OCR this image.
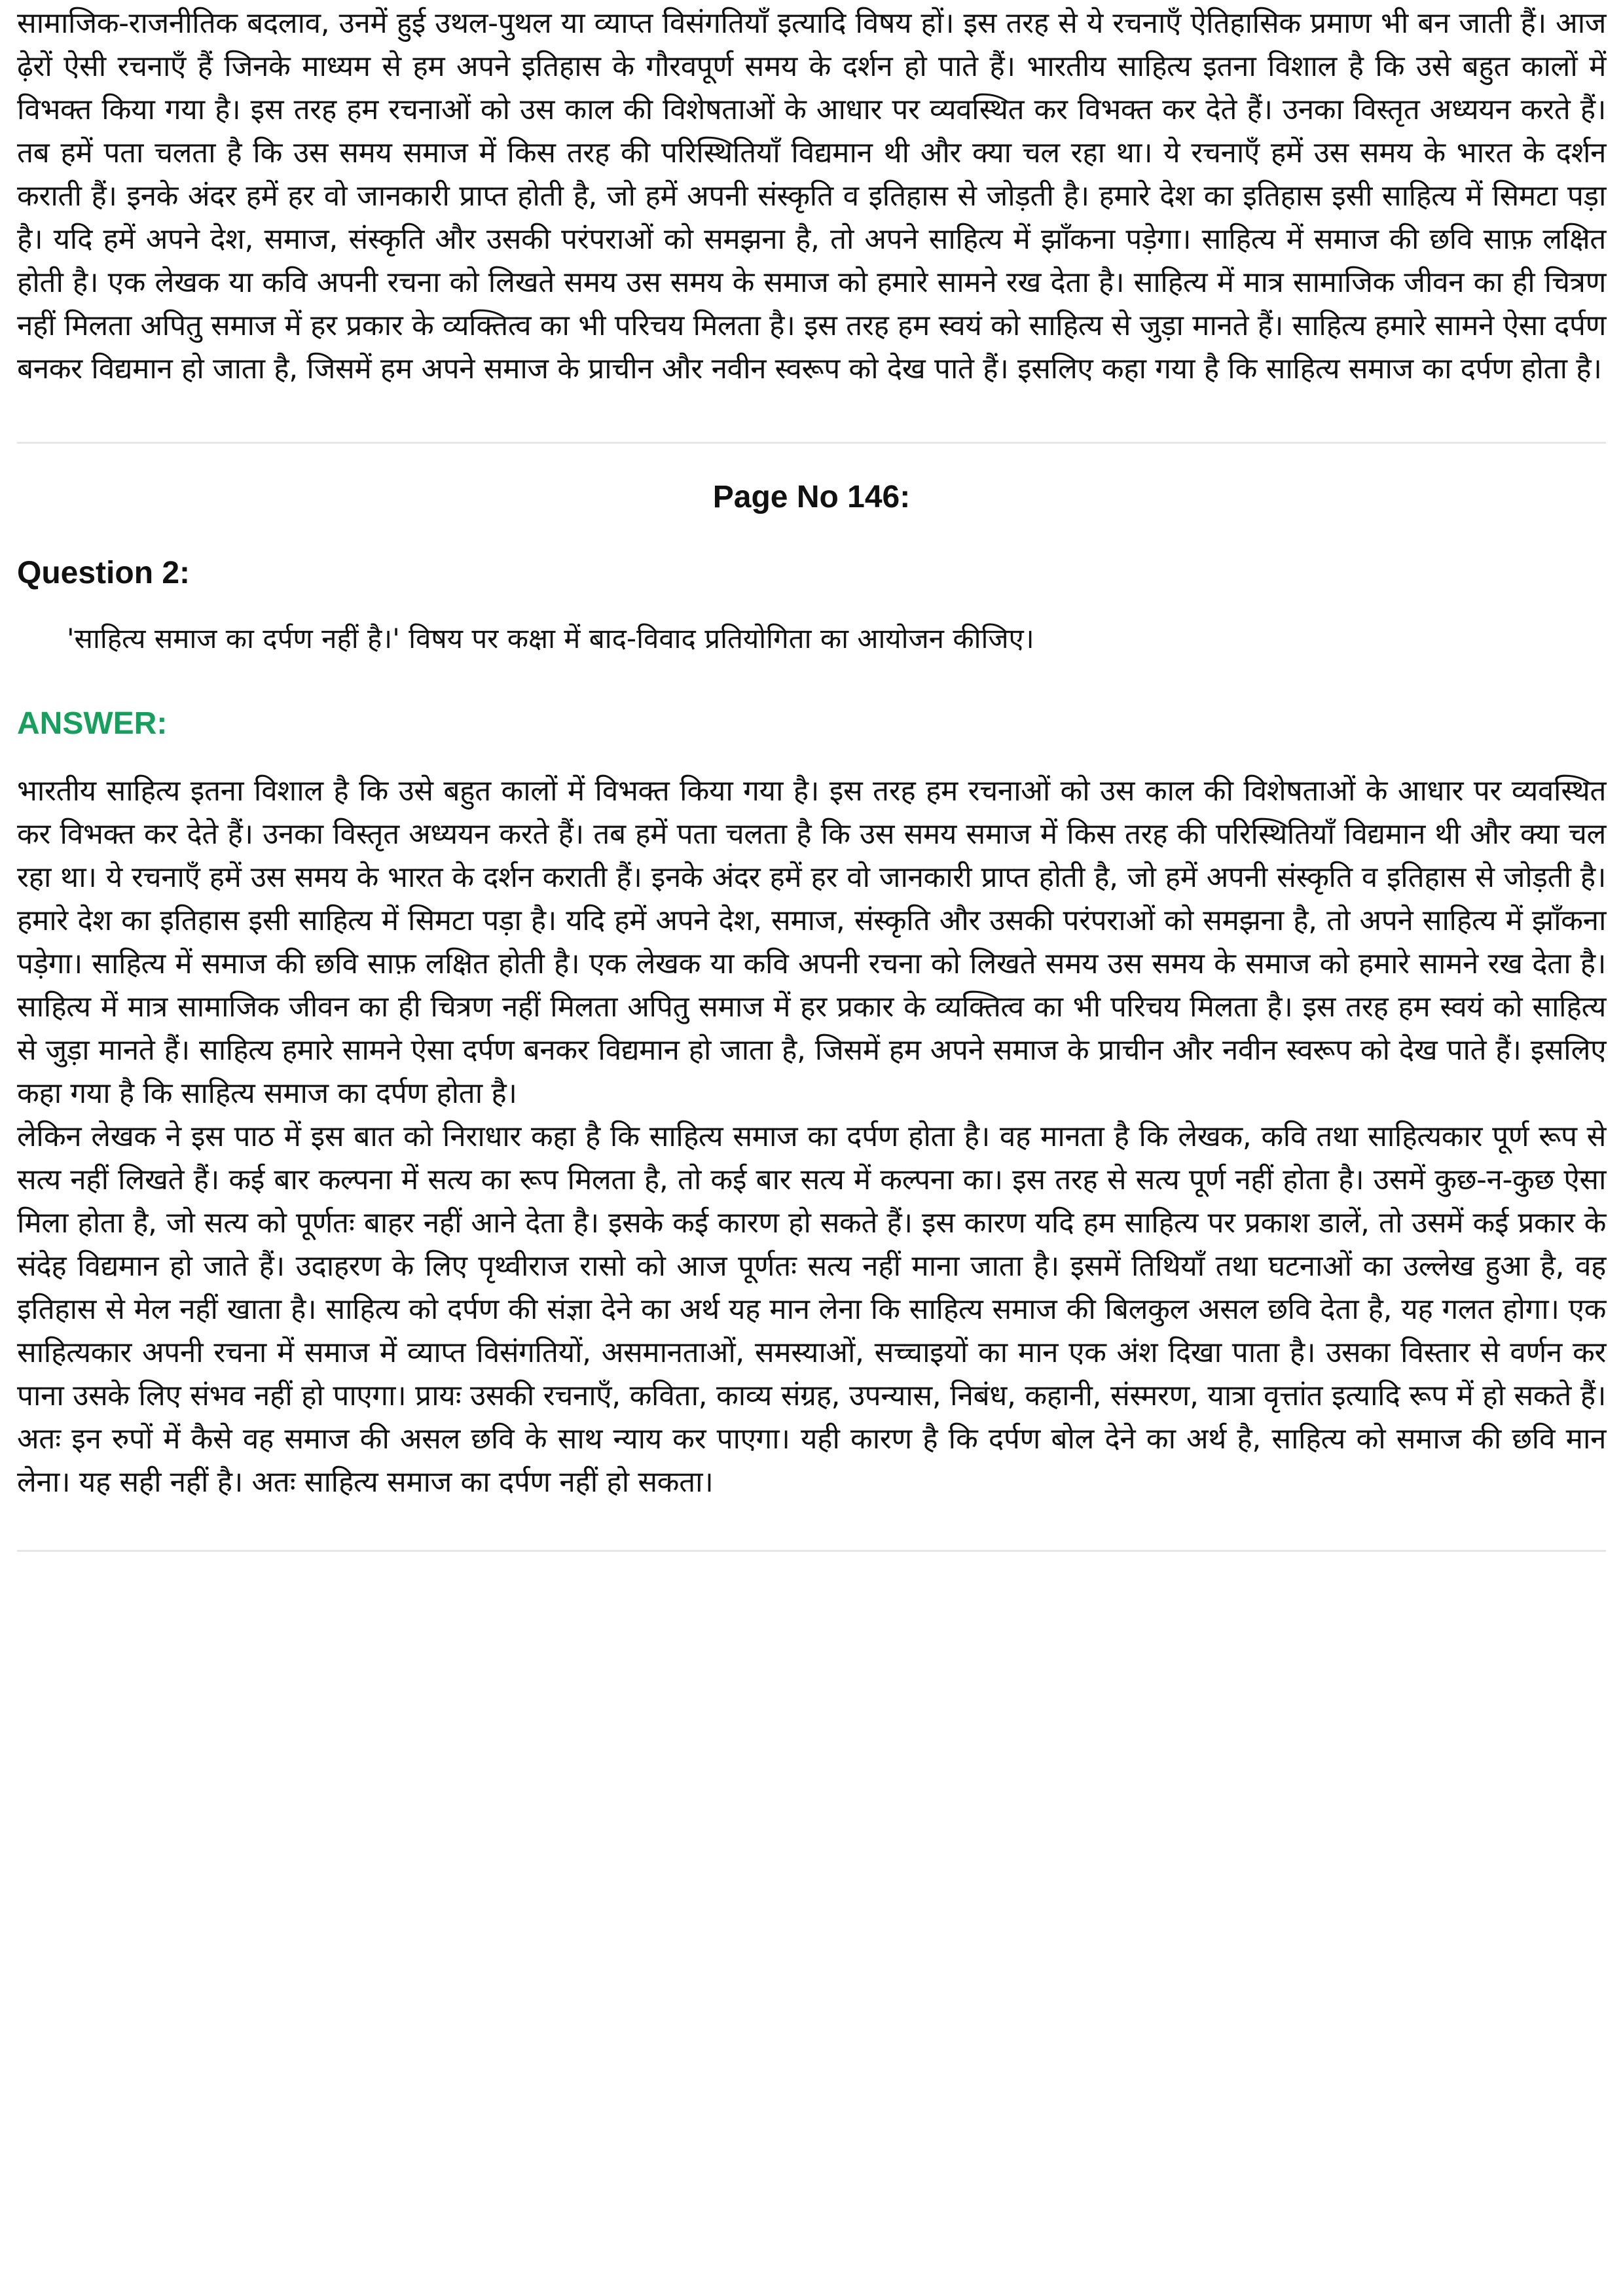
सामाजिक-राजनीतिक बदलाव, उनमें हुई उथल-पुथल या व्याप्त विसंगतियाँ इत्यादि विषय हों। इस तरह से ये रचनाएँ ऐतिहासिक प्रमाण भी बन जाती हैं। आज ढ़ेरों ऐसी रचनाएँ हैं जिनके माध्यम से हम अपने इतिहास के गौरवपूर्ण समय के दर्शन हो पाते हैं। भारतीय साहित्य इतना विशाल है कि उसे बहुत कालों में विभक्त किया गया है। इस तरह हम रचनाओं को उस काल की विशेषताओं के आधार पर व्यवस्थित कर विभक्त कर देते हैं। उनका विस्तृत अध्ययन करते हैं। तब हमें पता चलता है कि उस समय समाज में किस तरह की परिस्थितियाँ विद्यमान थी और क्या चल रहा था। ये रचनाएँ हमें उस समय के भारत के दर्शन कराती हैं। इनके अंदर हमें हर वो जानकारी प्राप्त होती है, जो हमें अपनी संस्कृति व इतिहास से जोड़ती है। हमारे देश का इतिहास इसी साहित्य में सिमटा पड़ा है। यदि हमें अपने देश, समाज, संस्कृति और उसकी परंपराओं को समझना है, तो अपने साहित्य में झाँकना पड़ेगा। साहित्य में समाज की छवि साफ़ लक्षित होती है। एक लेखक या कवि अपनी रचना को लिखते समय उस समय के समाज को हमारे सामने रख देता है। साहित्य में मात्र सामाजिक जीवन का ही चित्रण नहीं मिलता अपितु समाज में हर प्रकार के व्यक्तित्व का भी परिचय मिलता है। इस तरह हम स्वयं को साहित्य से जुड़ा मानते हैं। साहित्य हमारे सामने ऐसा दर्पण बनकर विद्यमान हो जाता है, जिसमें हम अपने समाज के प्राचीन और नवीन स्वरूप को देख पाते हैं। इसलिए कहा गया है कि साहित्य समाज का दर्पण होता है।

Page No 146:
Question 2:
'साहित्य समाज का दर्पण नहीं है।' विषय पर कक्षा में बाद-विवाद प्रतियोगिता का आयोजन कीजिए।
ANSWER:

भारतीय साहित्य इतना विशाल है कि उसे बहुत कालों में विभक्त किया गया है। इस तरह हम रचनाओं को उस काल की विशेषताओं के आधार पर व्यवस्थित कर विभक्त कर देते हैं। उनका विस्तृत अध्ययन करते हैं। तब हमें पता चलता है कि उस समय समाज में किस तरह की परिस्थितियाँ विद्यमान थी और क्या चल रहा था। ये रचनाएँ हमें उस समय के भारत के दर्शन कराती हैं। इनके अंदर हमें हर वो जानकारी प्राप्त होती है, जो हमें अपनी संस्कृति व इतिहास से जोड़ती है। हमारे देश का इतिहास इसी साहित्य में सिमटा पड़ा है। यदि हमें अपने देश, समाज, संस्कृति और उसकी परंपराओं को समझना है, तो अपने साहित्य में झाँकना पड़ेगा। साहित्य में समाज की छवि साफ़ लक्षित होती है। एक लेखक या कवि अपनी रचना को लिखते समय उस समय के समाज को हमारे सामने रख देता है। साहित्य में मात्र सामाजिक जीवन का ही चित्रण नहीं मिलता अपितु समाज में हर प्रकार के व्यक्तित्व का भी परिचय मिलता है। इस तरह हम स्वयं को साहित्य से जुड़ा मानते हैं। साहित्य हमारे सामने ऐसा दर्पण बनकर विद्यमान हो जाता है, जिसमें हम अपने समाज के प्राचीन और नवीन स्वरूप को देख पाते हैं। इसलिए कहा गया है कि साहित्य समाज का दर्पण होता है।

लेकिन लेखक ने इस पाठ में इस बात को निराधार कहा है कि साहित्य समाज का दर्पण होता है। वह मानता है कि लेखक, कवि तथा साहित्यकार पूर्ण रूप से सत्य नहीं लिखते हैं। कई बार कल्पना में सत्य का रूप मिलता है, तो कई बार सत्य में कल्पना का। इस तरह से सत्य पूर्ण नहीं होता है। उसमें कुछ-न-कुछ ऐसा मिला होता है, जो सत्य को पूर्णतः बाहर नहीं आने देता है। इसके कई कारण हो सकते हैं। इस कारण यदि हम साहित्य पर प्रकाश डालें, तो उसमें कई प्रकार के संदेह विद्यमान हो जाते हैं। उदाहरण के लिए पृथ्वीराज रासो को आज पूर्णतः सत्य नहीं माना जाता है। इसमें तिथियाँ तथा घटनाओं का उल्लेख हुआ है, वह इतिहास से मेल नहीं खाता है। साहित्य को दर्पण की संज्ञा देने का अर्थ यह मान लेना कि साहित्य समाज की बिलकुल असल छवि देता है, यह गलत होगा। एक साहित्यकार अपनी रचना में समाज में व्याप्त विसंगतियों, असमानताओं, समस्याओं, सच्चाइयों का मान एक अंश दिखा पाता है। उसका विस्तार से वर्णन कर पाना उसके लिए संभव नहीं हो पाएगा। प्रायः उसकी रचनाएँ, कविता, काव्य संग्रह, उपन्यास, निबंध, कहानी, संस्मरण, यात्रा वृत्तांत इत्यादि रूप में हो सकते हैं। अतः इन रुपों में कैसे वह समाज की असल छवि के साथ न्याय कर पाएगा। यही कारण है कि दर्पण बोल देने का अर्थ है, साहित्य को समाज की छवि मान लेना। यह सही नहीं है। अतः साहित्य समाज का दर्पण नहीं हो सकता।
